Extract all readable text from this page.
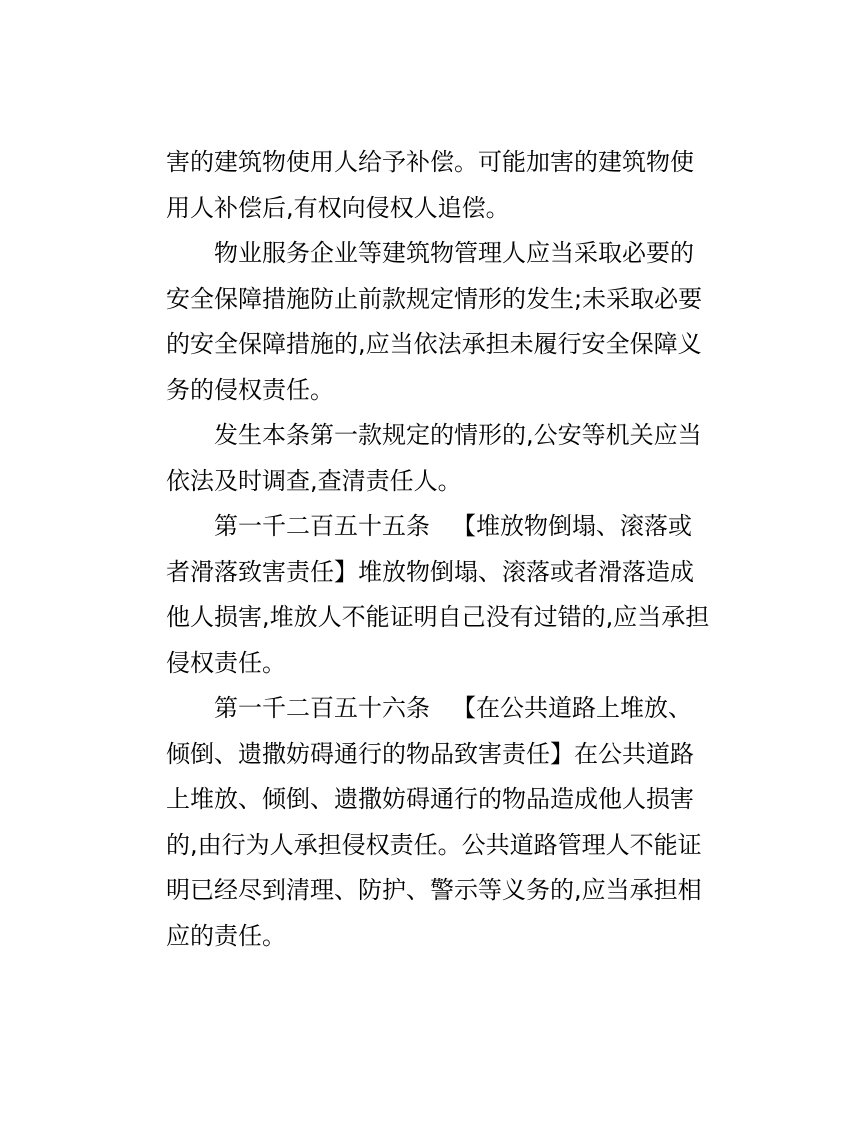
害的建筑物使用人给予补偿。可能加害的建筑物使
用人补偿后,有权向侵权人追偿。
物业服务企业等建筑物管理人应当采取必要的
安全保障措施防止前款规定情形的发生;未采取必要
的安全保障措施的,应当依法承担未履行安全保障义
务的侵权责任。
发生本条第一款规定的情形的,公安等机关应当
依法及时调查,查清责任人。
第一千二百五十五条 【堆放物倒塌、滚落或
者滑落致害责任】堆放物倒塌、滚落或者滑落造成
他人损害,堆放人不能证明自己没有过错的,应当承担
侵权责任。
第一千二百五十六条 【在公共道路上堆放、
倾倒、遗撒妨碍通行的物品致害责任】在公共道路
上堆放、倾倒、遗撒妨碍通行的物品造成他人损害
的,由行为人承担侵权责任。公共道路管理人不能证
明已经尽到清理、防护、警示等义务的,应当承担相
应的责任。
